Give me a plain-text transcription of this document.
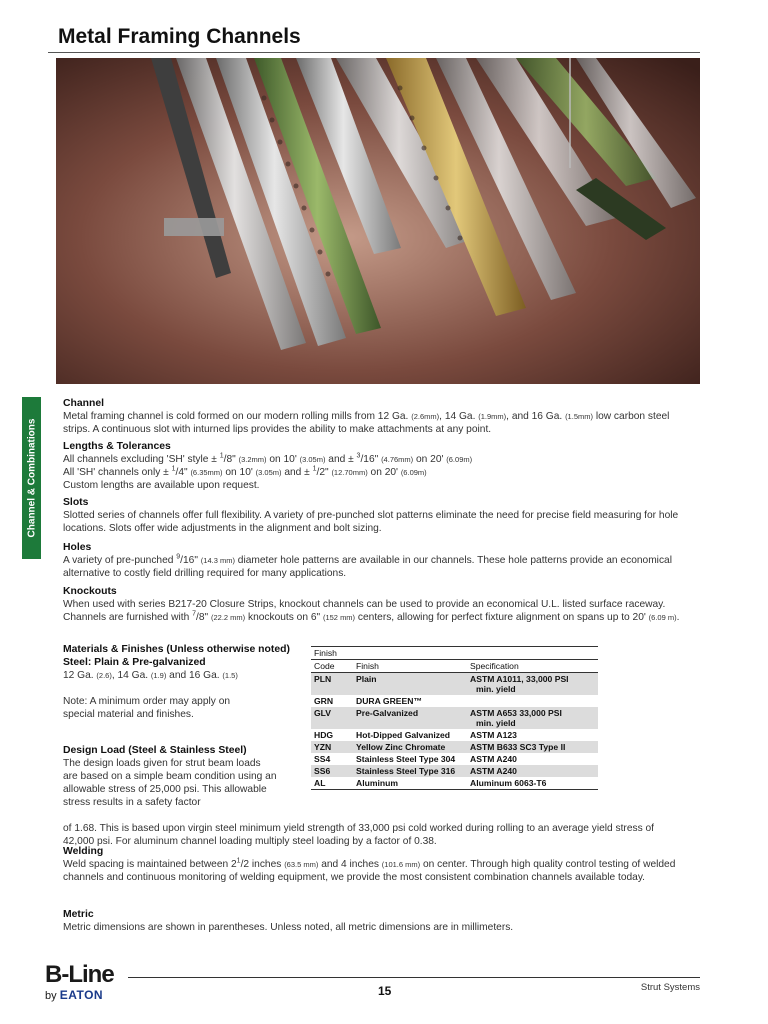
Metal Framing Channels
Channel & Combinations
Channel

Metal framing channel is cold formed on our modern rolling mills from 12 Ga. (2.6mm), 14 Ga. (1.9mm), and 16 Ga. (1.5mm) low carbon steel strips. A continuous slot with inturned lips provides the ability to make attachments at any point.

Lengths & Tolerances

All channels excluding 'SH' style ± $^1$/8" (3.2mm) on 10' (3.05m) and ± $^3$/16" (4.76mm) on 20' (6.09m)

All 'SH' channels only ± $^1$/4" (6.35mm) on 10' (3.05m) and ± $^1$/2" (12.70mm) on 20' (6.09m)

Custom lengths are available upon request.

Slots

Slotted series of channels offer full flexibility. A variety of pre-punched slot patterns eliminate the need for precise field measuring for hole locations. Slots offer wide adjustments in the alignment and bolt sizing.

Holes

A variety of pre-punched $^9$/16" (14.3 mm) diameter hole patterns are available in our channels. These hole patterns provide an economical alternative to costly field drilling required for many applications.

Knockouts

When used with series B217-20 Closure Strips, knockout channels can be used to provide an economical U.L. listed surface raceway. Channels are furnished with $^7$/8" (22.2 mm) knockouts on 6" (152 mm) centers, allowing for perfect fixture alignment on spans up to 20' (6.09 m).

Materials & Finishes (Unless otherwise noted)
Steel: Plain & Pre-galvanized

12 Ga. (2.6), 14 Ga. (1.9) and 16 Ga. (1.5)

Note: A minimum order may apply on special material and finishes.

Finish		
Code	Finish	Specification
PLN	Plain	ASTM A1011, 33,000 PSI
min. yield

GRN	DURA GREEN™	
GLV	Pre-Galvanized	ASTM A653 33,000 PSI
min. yield

HDG	Hot-Dipped Galvanized	ASTM A123
YZN	Yellow Zinc Chromate	ASTM B633 SC3 Type II
SS4	Stainless Steel Type 304	ASTM A240
SS6	Stainless Steel Type 316	ASTM A240
AL	Aluminum	Aluminum 6063-T6
Design Load (Steel & Stainless Steel)

The design loads given for strut beam loads are based on a simple beam condition using an allowable stress of 25,000 psi. This allowable stress results in a safety factor

of 1.68. This is based upon virgin steel minimum yield strength of 33,000 psi cold worked during rolling to an average yield stress of 42,000 psi. For aluminum channel loading multiply steel loading by a factor of 0.38.

Welding

Weld spacing is maintained between $2^1/2$ inches (63.5 mm) and 4 inches (101.6 mm) on center. Through high quality control testing of welded channels and continuous monitoring of welding equipment, we provide the most consistent combination channels available today.

Metric

Metric dimensions are shown in parentheses. Unless noted, all metric dimensions are in millimeters.

B-Line
by EATON	15	Strut Systems
